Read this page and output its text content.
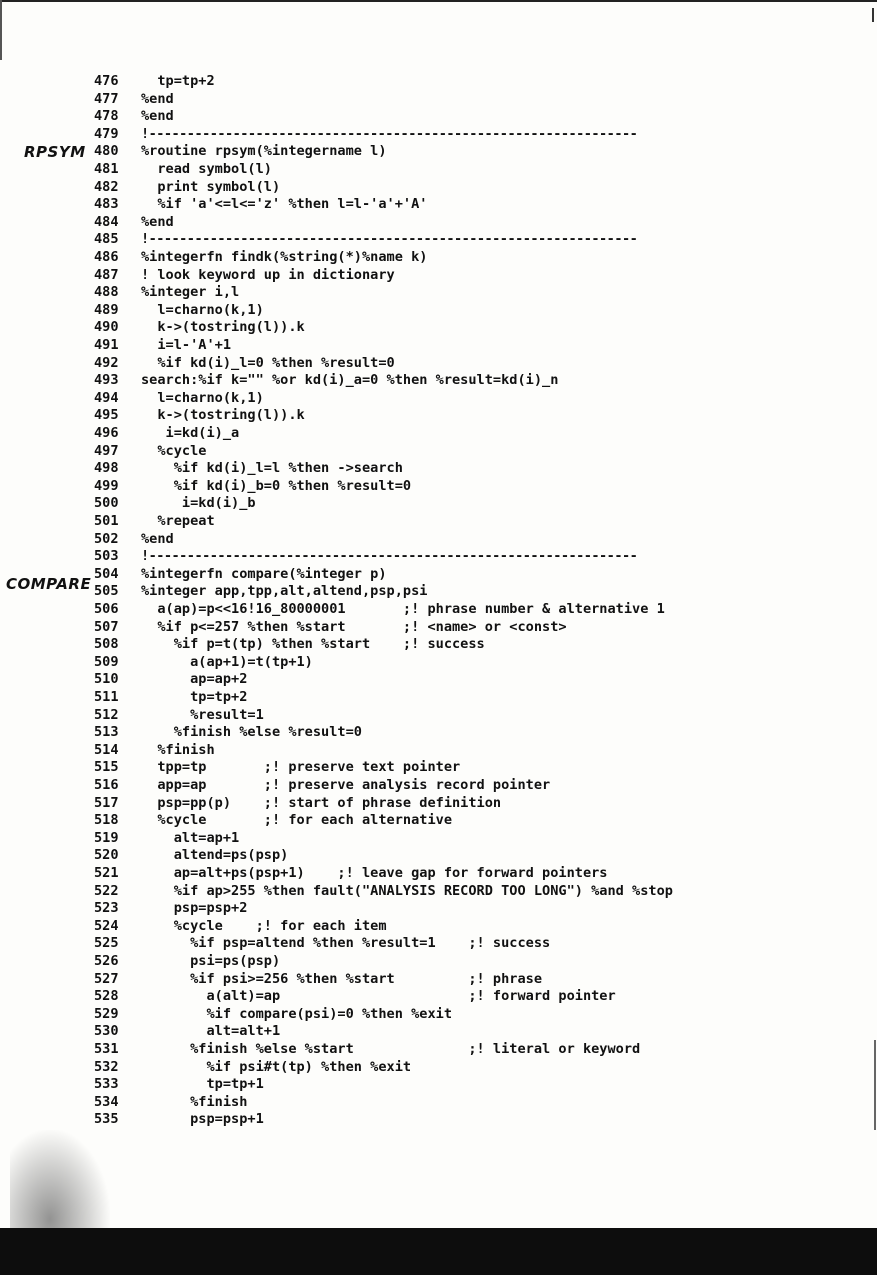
RPSYM
COMPARE
476	tp=tp+2
477	%end
478	%end
479	!----------------------------------------------------------------
480	%routine rpsym(%integername l)
481	read symbol(l)
482	print symbol(l)
483	%if 'a'<=l<='z' %then l=l-'a'+'A'
484	%end
485	!----------------------------------------------------------------
486	%integerfn findk(%string(*)%name k)
487	! look keyword up in dictionary
488	%integer i,l
489	l=charno(k,1)
490	k->(tostring(l)).k
491	i=l-'A'+1
492	%if kd(i)_l=0 %then %result=0
493	search:%if k="" %or kd(i)_a=0 %then %result=kd(i)_n
494	l=charno(k,1)
495	k->(tostring(l)).k
496	i=kd(i)_a
497	%cycle
498	%if kd(i)_l=l %then ->search
499	%if kd(i)_b=0 %then %result=0
500	i=kd(i)_b
501	%repeat
502	%end
503	!----------------------------------------------------------------
504	%integerfn compare(%integer p)
505	%integer app,tpp,alt,altend,psp,psi
506	a(ap)=p<<16!16_80000001       ;! phrase number & alternative 1
507	%if p<=257 %then %start       ;! <name> or <const>
508	%if p=t(tp) %then %start    ;! success
509	a(ap+1)=t(tp+1)
510	ap=ap+2
511	tp=tp+2
512	%result=1
513	%finish %else %result=0
514	%finish
515	tpp=tp       ;! preserve text pointer
516	app=ap       ;! preserve analysis record pointer
517	psp=pp(p)    ;! start of phrase definition
518	%cycle       ;! for each alternative
519	alt=ap+1
520	altend=ps(psp)
521	ap=alt+ps(psp+1)    ;! leave gap for forward pointers
522	%if ap>255 %then fault("ANALYSIS RECORD TOO LONG") %and %stop
523	psp=psp+2
524	%cycle    ;! for each item
525	%if psp=altend %then %result=1    ;! success
526	psi=ps(psp)
527	%if psi>=256 %then %start         ;! phrase
528	a(alt)=ap                       ;! forward pointer
529	%if compare(psi)=0 %then %exit
530	alt=alt+1
531	%finish %else %start              ;! literal or keyword
532	%if psi#t(tp) %then %exit
533	tp=tp+1
534	%finish
535	psp=psp+1
